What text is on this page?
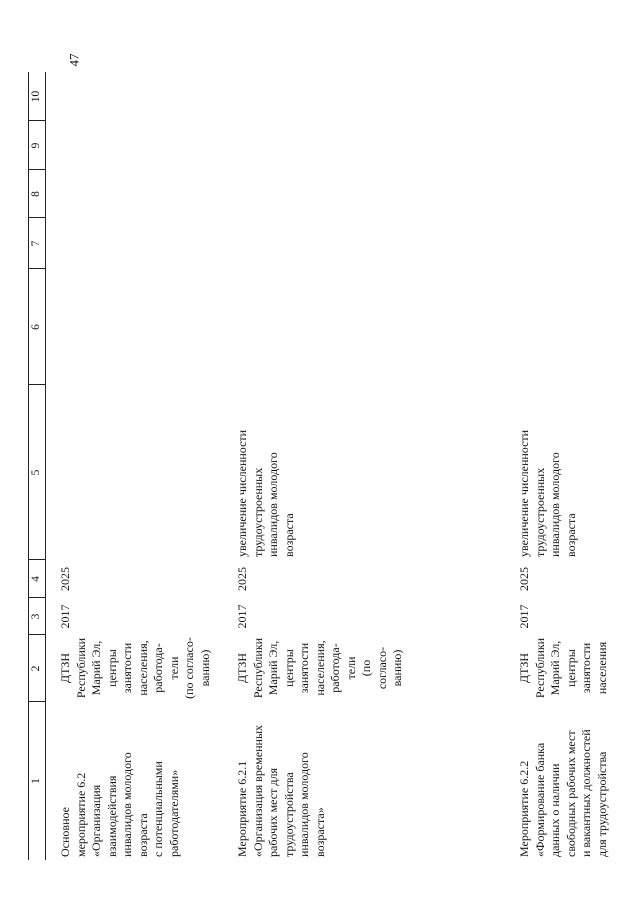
47
1
2
3
4
5
6
7
8
9
10
Основное
мероприятие 6.2
«Организация
взаимодействия
инвалидов молодого
возраста
с потенциальными
работодателями»
ДТЗН
Республики
Марий Эл,
центры
занятости
населения,
работода-
тели
(по согласо-
ванию)
2017
2025
Мероприятие 6.2.1
«Организация временных
рабочих мест для
трудоустройства
инвалидов молодого
возраста»
ДТЗН
Республики
Марий Эл,
центры
занятости
населения,
работода-
тели
(по
согласо-
ванию)
2017
2025
увеличение численности
трудоустроенных
инвалидов молодого
возраста
Мероприятие 6.2.2
«Формирование банка
данных о наличии
свободных рабочих мест
и вакантных должностей
для трудоустройства
ДТЗН
Республики
Марий Эл,
центры
занятости
населения
2017
2025
увеличение численности
трудоустроенных
инвалидов молодого
возраста
